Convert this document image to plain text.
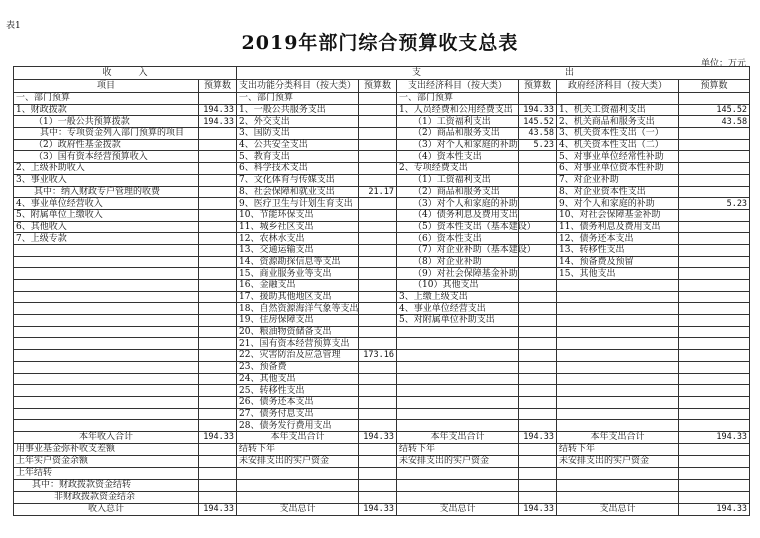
表1
2019年部门综合预算收支总表
单位：万元
收　　　入		支　　　　　　　　　　　　　　　　出					
项目	预算数	支出功能分类科目（按大类）	预算数	支出经济科目（按大类）	预算数	政府经济科目（按大类）	预算数
一、部门预算		一、部门预算		一、部门预算			
1、财政拨款	194.33	1、一般公共服务支出		1、人员经费和公用经费支出	194.33	1、机关工资福利支出	145.52
（1）一般公共预算拨款	194.33	2、外交支出		（1）工资福利支出	145.52	2、机关商品和服务支出	43.58
其中：专项资金列入部门预算的项目		3、国防支出		（2）商品和服务支出	43.58	3、机关资本性支出（一）	
（2）政府性基金拨款		4、公共安全支出		（3）对个人和家庭的补助	5.23	4、机关资本性支出（二）	
（3）国有资本经营预算收入		5、教育支出		（4）资本性支出		5、对事业单位经常性补助	
2、上级补助收入		6、科学技术支出		2、专项经费支出		6、对事业单位资本性补助	
3、事业收入		7、文化体育与传媒支出		（1）工资福利支出		7、对企业补助	
其中：纳入财政专户管理的收费		8、社会保障和就业支出	21.17	（2）商品和服务支出		8、对企业资本性支出	
4、事业单位经营收入		9、医疗卫生与计划生育支出		（3）对个人和家庭的补助		9、对个人和家庭的补助	5.23
5、附属单位上缴收入		10、节能环保支出		（4）债务利息及费用支出		10、对社会保障基金补助	
6、其他收入		11、城乡社区支出		（5）资本性支出（基本建设）		11、债务利息及费用支出	
7、上级专款		12、农林水支出		（6）资本性支出		12、债务还本支出	
		13、交通运输支出		（7）对企业补助（基本建设）		13、转移性支出	
		14、资源勘探信息等支出		（8）对企业补助		14、预备费及预留	
		15、商业服务业等支出		（9）对社会保障基金补助		15、其他支出	
		16、金融支出		（10）其他支出			
		17、援助其他地区支出		3、上缴上级支出			
		18、自然资源海洋气象等支出		4、事业单位经营支出			
		19、住房保障支出		5、对附属单位补助支出			
		20、粮油物资储备支出					
		21、国有资本经营预算支出					
		22、灾害防治及应急管理	173.16				
		23、预备费					
		24、其他支出					
		25、转移性支出					
		26、债务还本支出					
		27、债务付息支出					
		28、债务发行费用支出					
本年收入合计	194.33	本年支出合计	194.33	本年支出合计	194.33	本年支出合计	194.33
用事业基金弥补收支差额		结转下年		结转下年		结转下年	
上年实户资金余额		未安排支出的实户资金		未安排支出的实户资金		未安排支出的实户资金	
上年结转							
其中：财政拨款资金结转							
非财政拨款资金结余							
收入总计	194.33	支出总计	194.33	支出总计	194.33	支出总计	194.33
